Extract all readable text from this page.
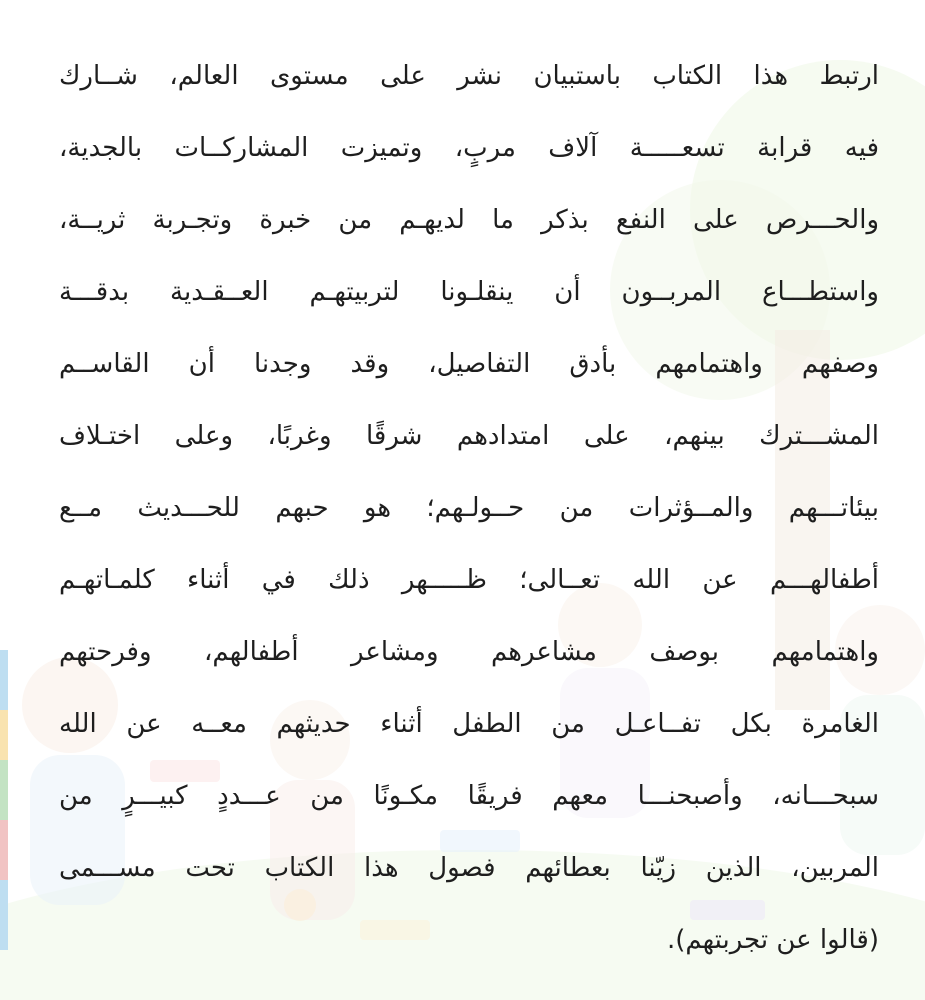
ارتبط هذا الكتاب باستبيان نشر على مستوى العالم، شــارك
فيه قرابة تسعـــــة آلاف مربٍ، وتميزت المشاركــات بالجدية،
والحـــرص على النفع بذكر ما لديهـم من خبرة وتجـربة ثريــة،
واستطـــاع المربــون أن ينقلـونا لتربيتهـم العــقـدية بدقـــة
وصفهم واهتمامهم بأدق التفاصيل، وقد وجدنا أن القاســم
المشـــترك بينهم، على امتدادهم شرقًا وغربًا، وعلى اختـلاف
بيئاتـــهم والمــؤثرات من حــولـهم؛ هو حبهم للحـــديث مــع
أطفالهـــم عن الله تعــالى؛ ظـــــهر ذلك في أثناء كلمـاتهـم
واهتمامهم بوصف مشاعرهم ومشاعر أطفالهم، وفرحتهم
الغامرة بكل تفــاعـل من الطفل أثناء حديثهم معــه عن الله
سبحـــانه، وأصبحنـــا معهم فريقًا مكـونًا من عـــددٍ كبيـــرٍ من
المربين، الذين زيّنا بعطائهم فصول هذا الكتاب تحت مســـمى
(قالوا عن تجربتهم).
